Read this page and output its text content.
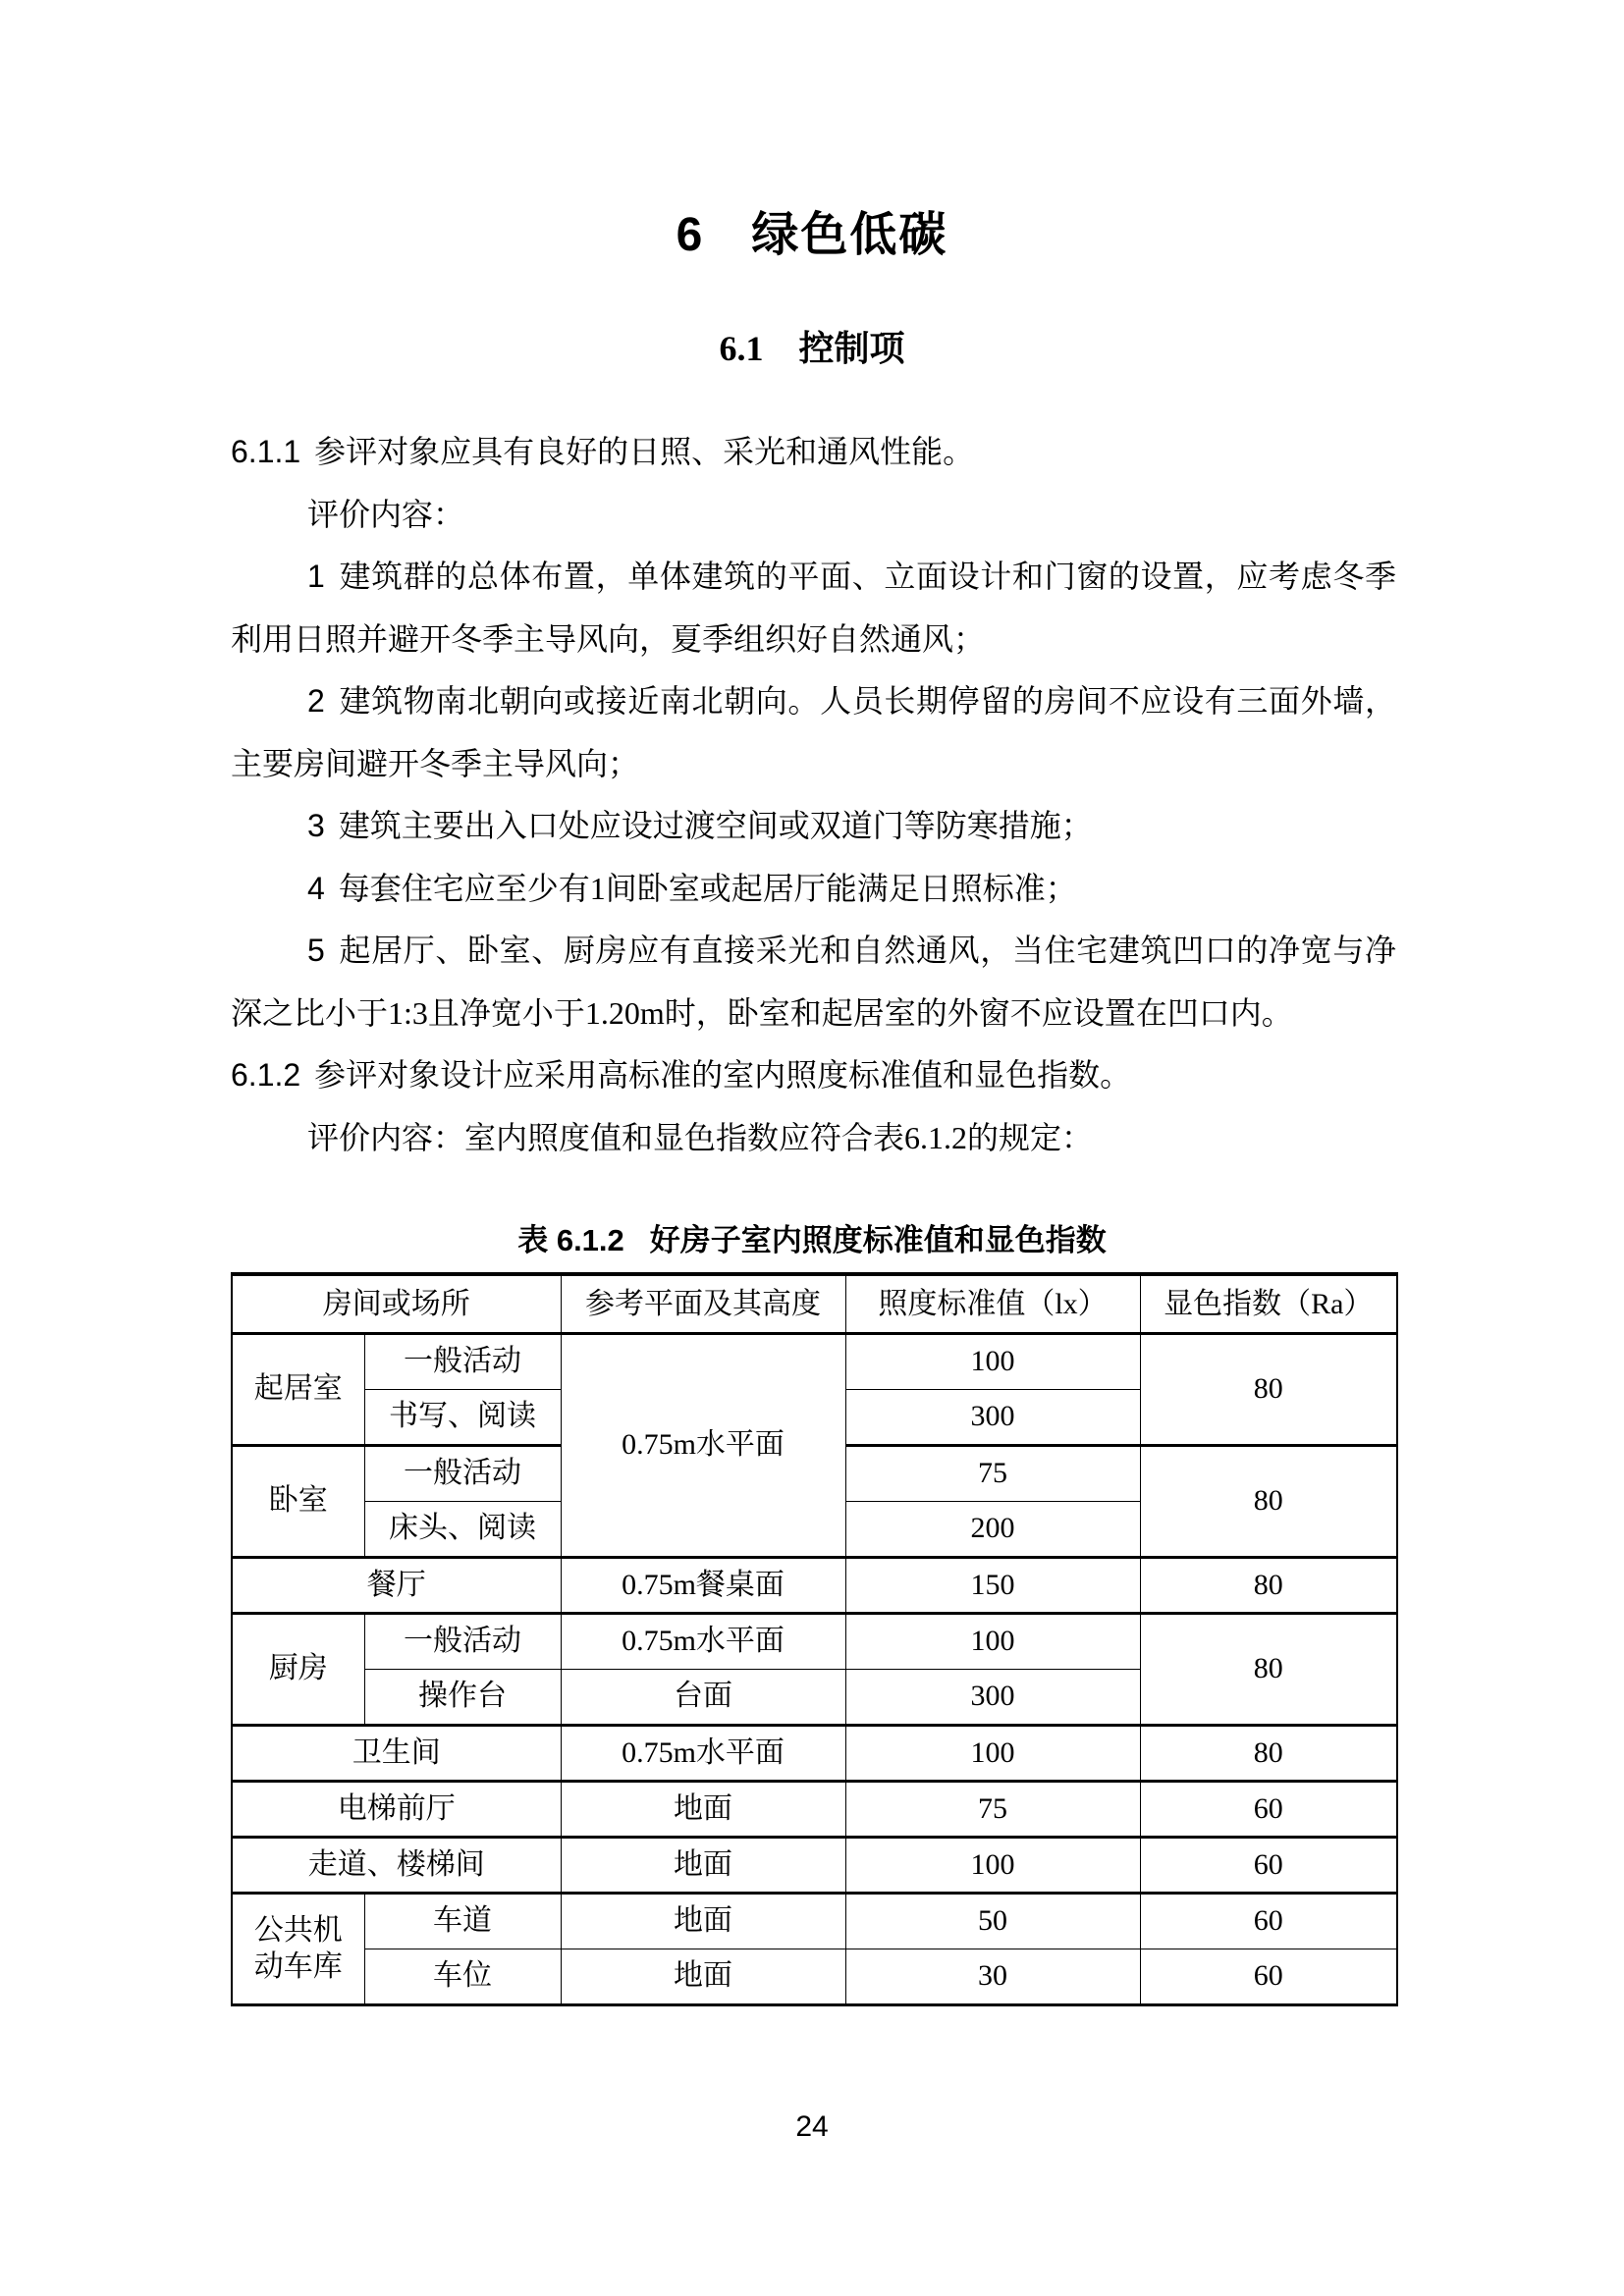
6 绿色低碳
6.1 控制项

6.1.1 参评对象应具有良好的日照、采光和通风性能。

评价内容：

1 建筑群的总体布置，单体建筑的平面、立面设计和门窗的设置，应考虑冬季利用日照并避开冬季主导风向，夏季组织好自然通风；

2 建筑物南北朝向或接近南北朝向。人员长期停留的房间不应设有三面外墙，主要房间避开冬季主导风向；

3 建筑主要出入口处应设过渡空间或双道门等防寒措施；

4 每套住宅应至少有1间卧室或起居厅能满足日照标准；

5 起居厅、卧室、厨房应有直接采光和自然通风，当住宅建筑凹口的净宽与净深之比小于1:3且净宽小于1.20m时，卧室和起居室的外窗不应设置在凹口内。

6.1.2 参评对象设计应采用高标准的室内照度标准值和显色指数。

评价内容：室内照度值和显色指数应符合表6.1.2的规定：

表 6.1.2 好房子室内照度标准值和显色指数
房间或场所		参考平面及其高度	照度标准值（lx）	显色指数（Ra）
起居室	一般活动	0.75m水平面	100	80
	书写、阅读		300	
卧室	一般活动		75	80
	床头、阅读		200	
餐厅		0.75m餐桌面	150	80
厨房	一般活动	0.75m水平面	100	80
	操作台	台面	300	
卫生间		0.75m水平面	100	80
电梯前厅		地面	75	60
走道、楼梯间		地面	100	60
公共机动车库	车道	地面	50	60
	车位	地面	30	60
24
